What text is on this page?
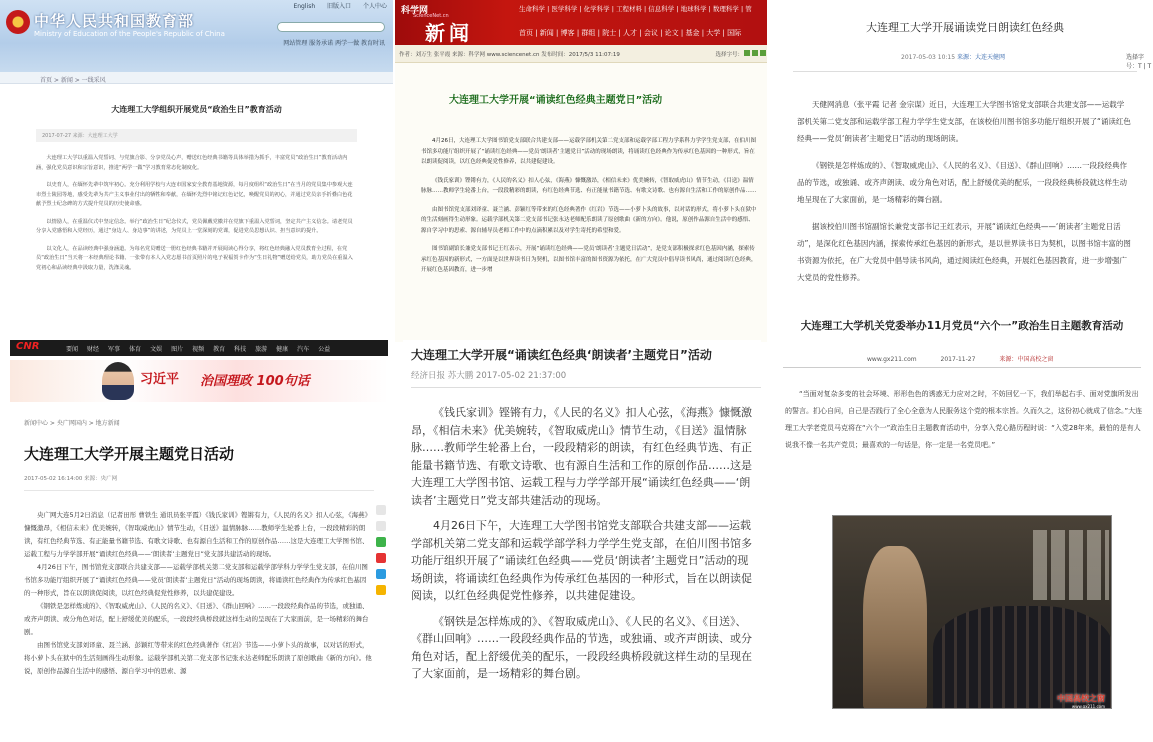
中华人民共和国教育部
Ministry of Education of the People's Republic of China
English 旧版入口 个人中心
网站管理 服务承诺 两学一做 教育时讯
首页 > 新闻 > 一线采风
大连理工大学组织开展党员“政治生日”教育活动
2017-07-27 来源：大连理工大学

大连理工大学以重温入党誓词、与党旗合影、分享党员心声，赠送红色经典书籍等具体举措为抓手，丰富党员“政治生日”教育活动内涵，强化党员意识和宗旨意识，推进“两学一做”学习教育常态化制度化。

以史育人，在缅怀先辈中筑牢初心。充分利用学校与大连市国家安全教育基地资源，每月度组织“政治生日”在当月的党员集中参观大连市烈士陵园等地，感受先辈为共产主义事业付出的牺牲和奉献，在缅怀先烈中铭记红色记忆，唤醒党员的初心，并通过党员亲手折叠白色花献予烈士纪念碑的方式提升党员的历史使命感。

以情励人，在重温仪式中坚定信念。举行“政治生日”纪念仪式，党员佩戴党徽并在党旗下重温入党誓词，坚定共产主义信念。请老党员分享入党感悟和入党经历，通过“身边人、身边事”的讲述，为党员上一堂深刻的党课，促进党员思想认识、担当意识的提升。

以文化人，在品读经典中强身涵道。为每名党员赠送一册红色经典书籍并开展阅读心得分享，将红色经典融入党员教育全过程，在党员“政治生日”当天将一本经典理论书籍、一张带有本人入党志愿书首页照片的电子祝福贺卡作为“生日礼物”赠送给党员，助力党员在重温入党初心和品读经典中汲取力量，洗涤灵魂。

科学网
ScienceNet.cn
新闻
生命科学 | 医学科学 | 化学科学 | 工程材料 | 信息科学 | 地球科学 | 数理科学 | 管
首页 | 新闻 | 博客 | 群组 | 院士 | 人才 | 会议 | 论文 | 基金 | 大学 | 国际
作者：刘万生 张平霞 来源：科学网 www.sciencenet.cn 发布时间：2017/5/3 11:07:19	选择字号：
大连理工大学开展“诵读红色经典主题党日”活动

4月26日，大连理工大学图书馆党支部联合共建支部——运载学部机关第二党支部和运载学部工程力学系科力学学生党支部，在伯川图书馆多功能厅组织开展了“诵读红色经典——党员‘朗读者’主题党日”活动的现场朗读，将诵读红色经典作为传承红色基因的一种形式，旨在以朗读促阅读，以红色经典促党性修养，以共建促建设。

《钱氏家训》铿锵有力，《人民的名义》扣人心弦，《海燕》慷慨激昂，《相信未来》优美婉转，《智取威虎山》情节生动，《目送》温情脉脉……教师学生轮番上台，一段段精彩的朗读，有红色经典节选、有正能量书籍节选、有歌文诗歌、也有源自生活和工作的原创作品……

由图书馆党支部刘译童、聂兰涵、彭颖红等带来的红色经典著作《红岩》节选——小萝卜头的故事，以对话的形式，将小萝卜头在狱中的生活刻画得生动形象。运载学部机关第二党支部书记张永达老师配乐朗读了原创歌曲《新的方向》。他说，原创作品源自生活中的感悟、源自学习中的思索、源自辅导员老师工作中的点滴积累以及对学生寄托的希望和爱。

图书馆副馆长兼党支部书记王红表示，开展“诵读红色经典——党员‘朗读者’主题党日活动”，是党支部积极探求红色基因内涵，探索传承红色基因的新形式，一方面是以世界读书日为契机，以图书馆丰富的图书资源为依托，在广大党员中倡导读书风尚，通过阅读红色经典，开展红色基因教育，进一步增

大连理工大学开展诵读党日朗读红色经典
2017-05-03 10:15 来源：大连天健网	选择字号：T | T

天健网消息（张平霞 记者 金宗谋）近日，大连理工大学图书馆党支部联合共建支部——运载学部机关第二党支部和运载学部工程力学学生党支部，在该校伯川图书馆多功能厅组织开展了“诵读红色经典——党员‘朗读者’主题党日”活动的现场朗读。

《钢铁是怎样炼成的》、《智取威虎山》、《人民的名义》、《目送》、《群山回响》……一段段经典作品的节选，或独诵、或齐声朗读、或分角色对话，配上舒缓优美的配乐，一段段经典桥段就这样生动地呈现在了大家面前，是一场精彩的舞台剧。

据该校伯川图书馆副馆长兼党支部书记王红表示，开展“诵读红色经典——‘朗读者’主题党日活动”，是深化红色基因内涵，探索传承红色基因的新形式，是以世界读书日为契机，以图书馆丰富的图书资源为依托，在广大党员中倡导读书风尚，通过阅读红色经典，开展红色基因教育，进一步增强广大党员的党性修养。

CNR	要闻 财经 军事 体育 文娱 图片 视频 教育 科技 旅游 健康 汽车 公益
习近平 治国理政 100句话
新闻中心 > 央广网国内 > 地方新闻
大连理工大学开展主题党日活动
2017-05-02 16:14:00 来源：央广网

央广网大连5月2日消息（记者田彤 曹铁生 通讯员张平霞）《钱氏家训》铿锵有力，《人民的名义》扣人心弦，《海燕》慷慨激昂，《相信未来》优美婉转，《智取威虎山》情节生动，《目送》温情脉脉……教师学生轮番上台，一段段精彩的朗读，有红色经典节选、有正能量书籍节选、有歌文诗歌、也有源自生活和工作的原创作品……这是大连理工大学图书馆、运载工程与力学学部开展“诵读红色经典——‘朗读者’主题党日”党支部共建活动的现场。

4月26日下午，图书馆党支部联合共建支部——运载学部机关第二党支部和运载学部学科力学学生党支部，在伯川图书馆多功能厅组织开展了“诵读红色经典——党员‘朗读者’主题党日”活动的现场朗读，将诵读红色经典作为传承红色基因的一种形式，旨在以朗读促阅读，以红色经典促党性修养，以共建促建设。

《钢铁是怎样炼成的》、《智取威虎山》、《人民的名义》、《目送》、《群山回响》……一段段经典作品的节选，或独诵、或齐声朗读、或分角色对话，配上舒缓优美的配乐，一段段经典桥段就这样生动的呈现在了大家面前，是一场精彩的舞台剧。

由图书馆党支部刘译童、聂兰涵、彭颖红等带来的红色经典著作《红岩》节选——小萝卜头的故事，以对话的形式，将小萝卜头在狱中的生活刻画得生动形象。运载学部机关第二党支部书记张永达老师配乐朗读了原创歌曲《新的方向》。他说，原创作品源自生活中的感悟、源自学习中的思索、源

大连理工大学开展“诵读红色经典‘朗读者’主题党日”活动
经济日报 苏大鹏 2017-05-02 21:37:00

《钱氏家训》铿锵有力，《人民的名义》扣人心弦，《海燕》慷慨激昂，《相信未来》优美婉转，《智取威虎山》情节生动，《目送》温情脉脉……教师学生轮番上台，一段段精彩的朗读，有红色经典节选、有正能量书籍节选、有歌文诗歌、也有源自生活和工作的原创作品……这是大连理工大学图书馆、运载工程与力学学部开展“诵读红色经典——‘朗读者’主题党日”党支部共建活动的现场。

4月26日下午，大连理工大学图书馆党支部联合共建支部——运载学部机关第二党支部和运载学部学科力学学生党支部，在伯川图书馆多功能厅组织开展了“诵读红色经典——党员‘朗读者’主题党日”活动的现场朗读，将诵读红色经典作为传承红色基因的一种形式，旨在以朗读促阅读，以红色经典促党性修养，以共建促建设。

《钢铁是怎样炼成的》、《智取威虎山》、《人民的名义》、《目送》、《群山回响》……一段段经典作品的节选，或独诵、或齐声朗读、或分角色对话，配上舒缓优美的配乐，一段段经典桥段就这样生动的呈现在了大家面前，是一场精彩的舞台剧。

大连理工大学机关党委举办11月党员“六个一”政治生日主题教育活动
www.gx211.com	2017-11-27	来源：中国高校之窗

“当面对复杂多变的社会环境、形形色色的诱惑无力应对之时，不妨回忆一下，我们举起右手、面对党旗所发出的誓言。扪心自问，自己是否践行了全心全意为人民服务这个党的根本宗旨。久而久之，这份初心就成了信念。”大连理工大学老党员马克将在“六个一”政治生日主题教育活动中，分享入党心路历程时说：“入党28年来，最怕的是有人说我不像一名共产党员；最喜欢的一句话是，你一定是一名党员吧。”

中国高校之窗
www.gx211.com
